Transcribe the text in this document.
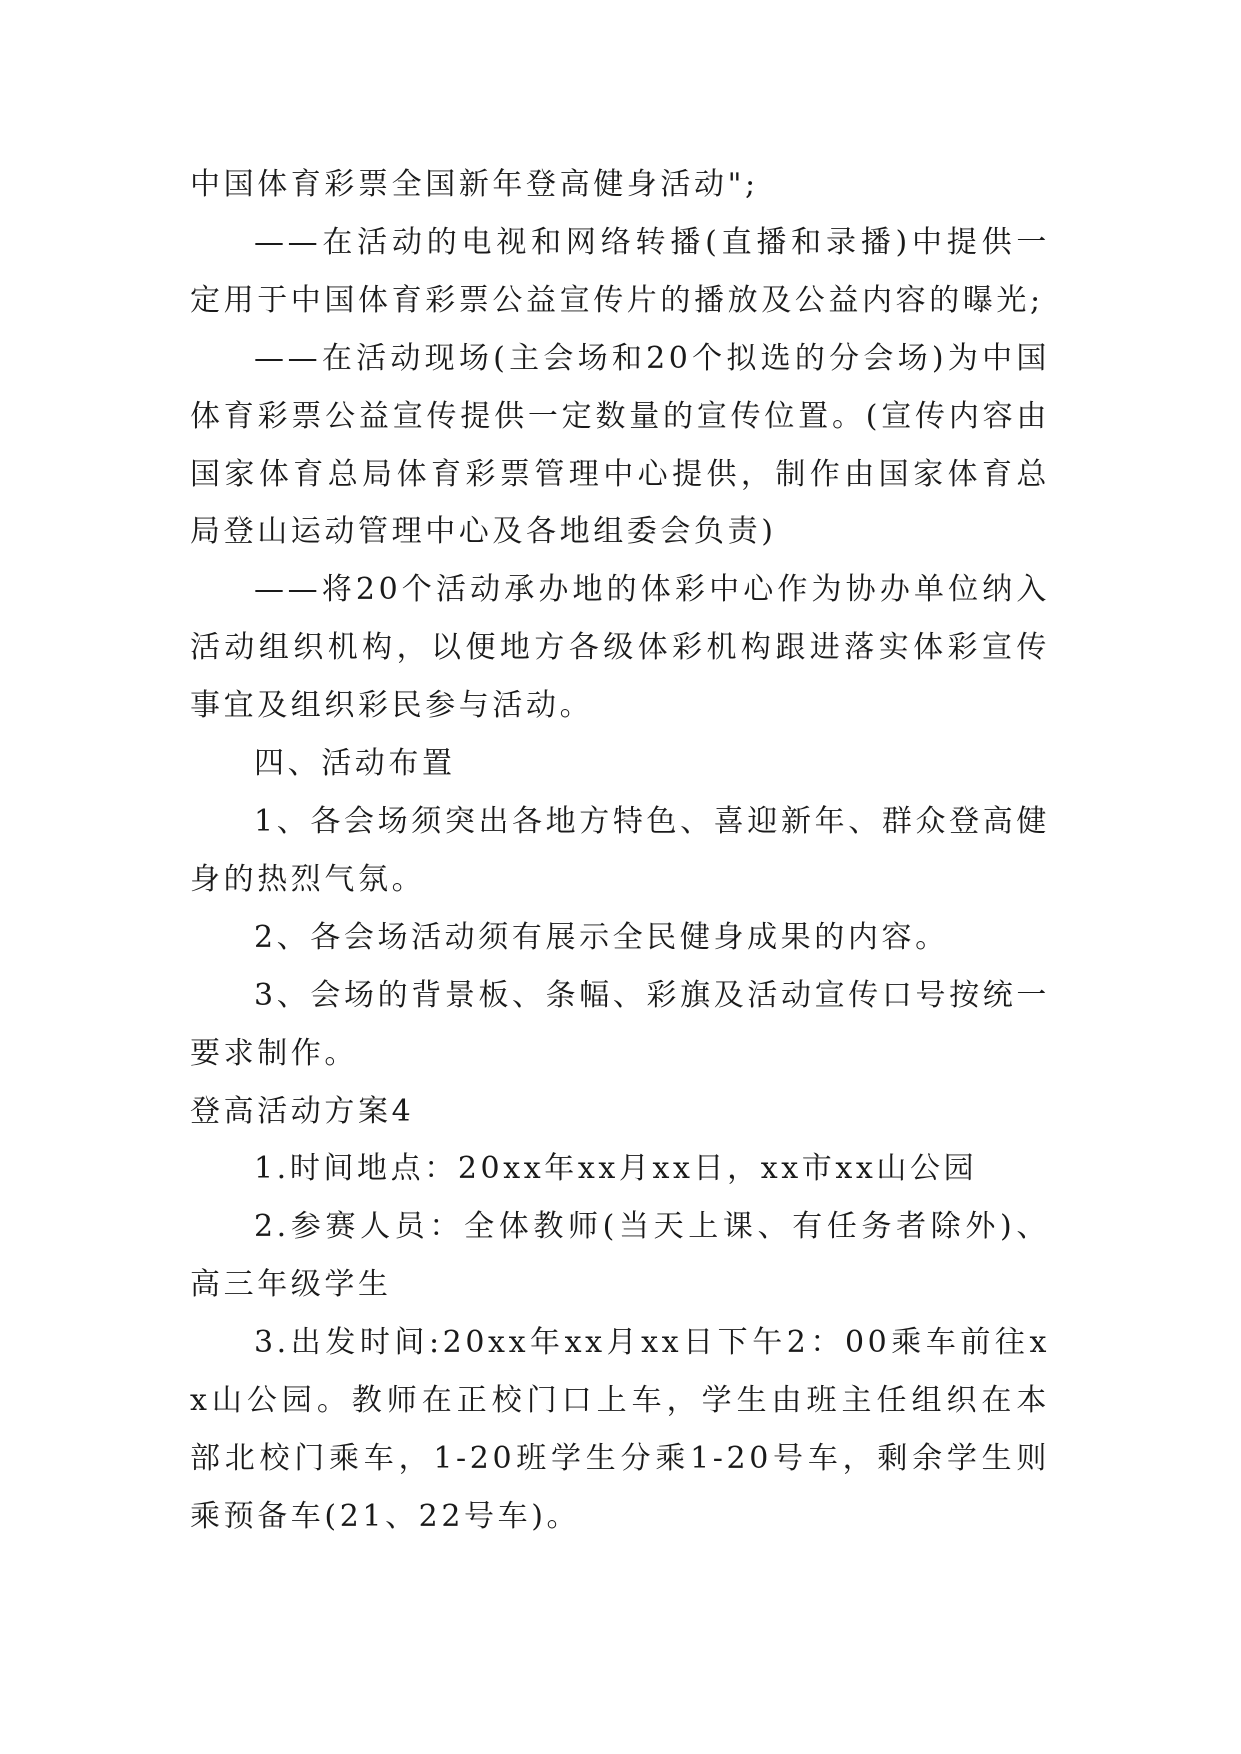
中国体育彩票全国新年登高健身活动";

——在活动的电视和网络转播(直播和录播)中提供一定用于中国体育彩票公益宣传片的播放及公益内容的曝光;

——在活动现场(主会场和20个拟选的分会场)为中国体育彩票公益宣传提供一定数量的宣传位置。(宣传内容由国家体育总局体育彩票管理中心提供，制作由国家体育总局登山运动管理中心及各地组委会负责)

——将20个活动承办地的体彩中心作为协办单位纳入活动组织机构，以便地方各级体彩机构跟进落实体彩宣传事宜及组织彩民参与活动。

四、活动布置

1、各会场须突出各地方特色、喜迎新年、群众登高健身的热烈气氛。

2、各会场活动须有展示全民健身成果的内容。

3、会场的背景板、条幅、彩旗及活动宣传口号按统一要求制作。

登高活动方案4

1.时间地点：20xx年xx月xx日，xx市xx山公园

2.参赛人员：全体教师(当天上课、有任务者除外)、高三年级学生

3.出发时间:20xx年xx月xx日下午2：00乘车前往xx山公园。教师在正校门口上车，学生由班主任组织在本部北校门乘车，1-20班学生分乘1-20号车，剩余学生则乘预备车(21、22号车)。
